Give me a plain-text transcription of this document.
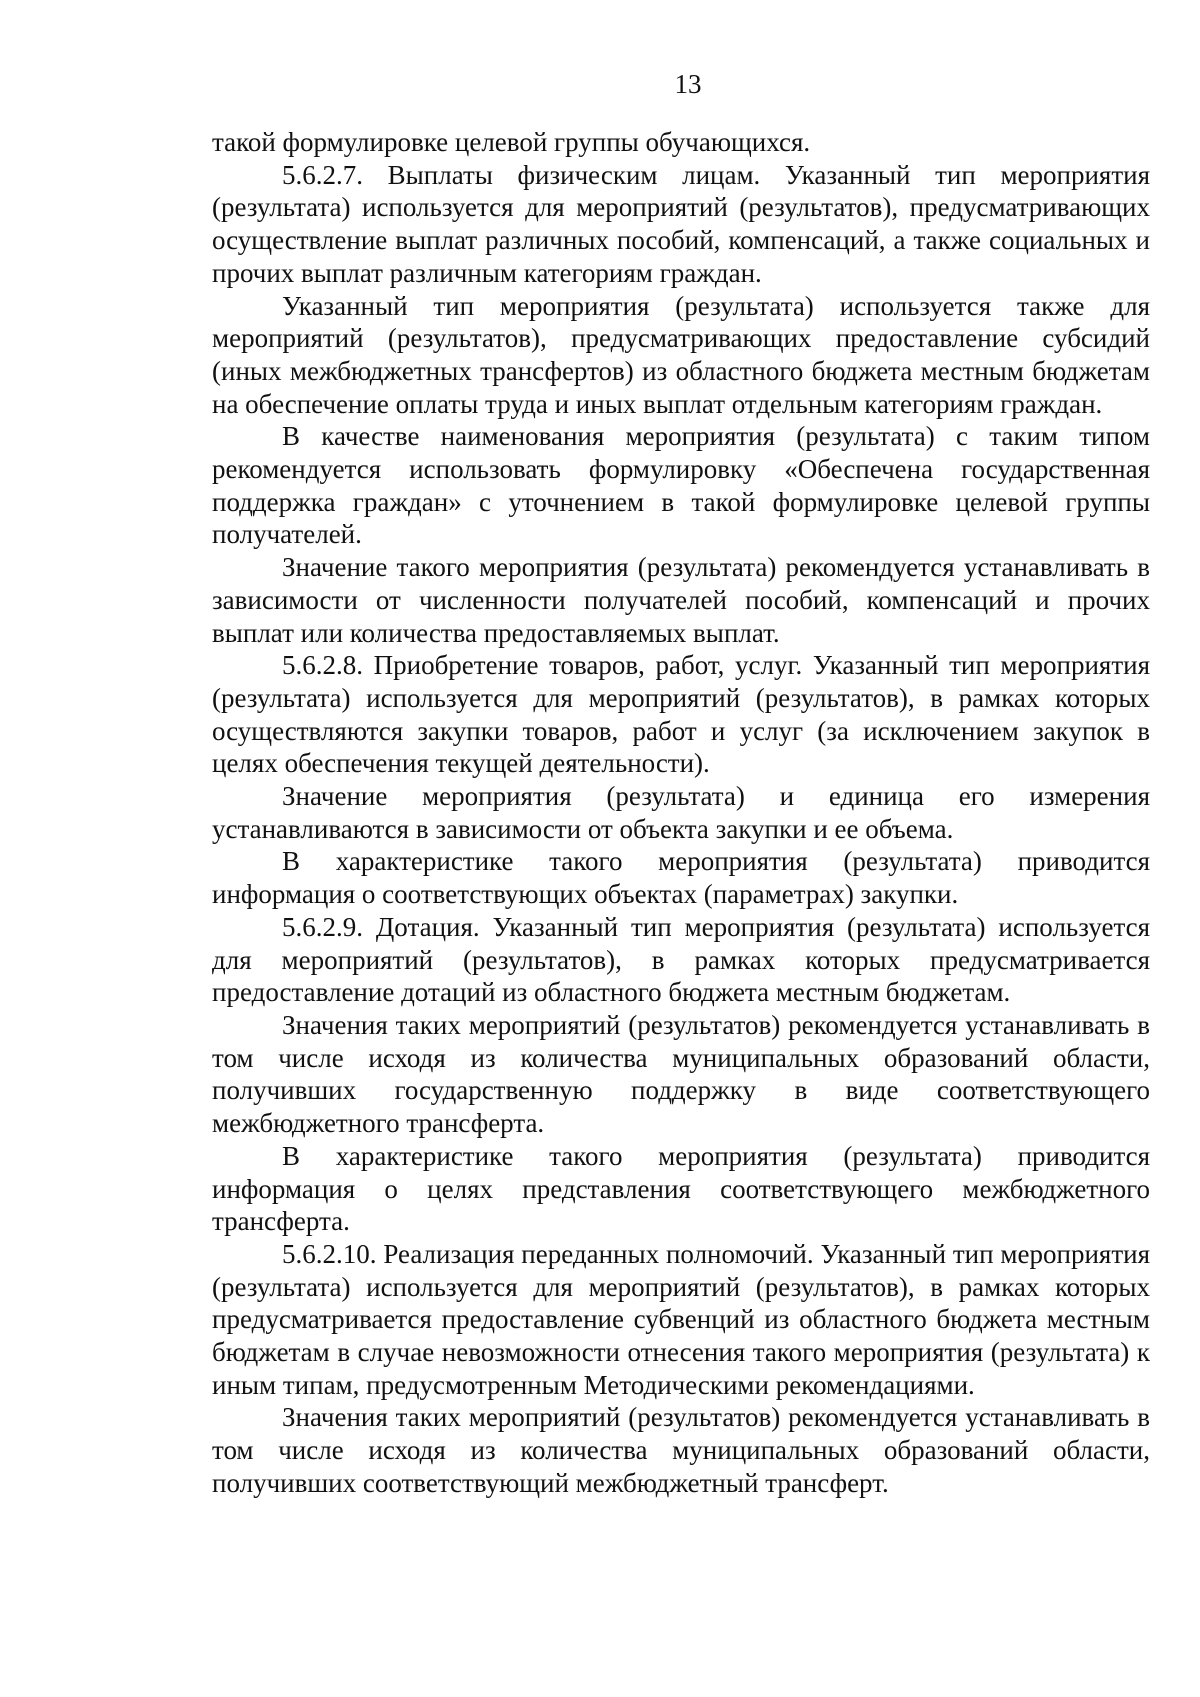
13

такой формулировке целевой группы обучающихся.

5.6.2.7. Выплаты физическим лицам. Указанный тип мероприятия (результата) используется для мероприятий (результатов), предусматривающих осуществление выплат различных пособий, компенсаций, а также социальных и прочих выплат различным категориям граждан.

Указанный тип мероприятия (результата) используется также для мероприятий (результатов), предусматривающих предоставление субсидий (иных межбюджетных трансфертов) из областного бюджета местным бюджетам на обеспечение оплаты труда и иных выплат отдельным категориям граждан.

В качестве наименования мероприятия (результата) с таким типом рекомендуется использовать формулировку «Обеспечена государственная поддержка граждан» с уточнением в такой формулировке целевой группы получателей.

Значение такого мероприятия (результата) рекомендуется устанавливать в зависимости от численности получателей пособий, компенсаций и прочих выплат или количества предоставляемых выплат.

5.6.2.8. Приобретение товаров, работ, услуг. Указанный тип мероприятия (результата) используется для мероприятий (результатов), в рамках которых осуществляются закупки товаров, работ и услуг (за исключением закупок в целях обеспечения текущей деятельности).

Значение мероприятия (результата) и единица его измерения устанавливаются в зависимости от объекта закупки и ее объема.

В характеристике такого мероприятия (результата) приводится информация о соответствующих объектах (параметрах) закупки.

5.6.2.9. Дотация. Указанный тип мероприятия (результата) используется для мероприятий (результатов), в рамках которых предусматривается предоставление дотаций из областного бюджета местным бюджетам.

Значения таких мероприятий (результатов) рекомендуется устанавливать в том числе исходя из количества муниципальных образований области, получивших государственную поддержку в виде соответствующего межбюджетного трансферта.

В характеристике такого мероприятия (результата) приводится информация о целях представления соответствующего межбюджетного трансферта.

5.6.2.10. Реализация переданных полномочий. Указанный тип мероприятия (результата) используется для мероприятий (результатов), в рамках которых предусматривается предоставление субвенций из областного бюджета местным бюджетам в случае невозможности отнесения такого мероприятия (результата) к иным типам, предусмотренным Методическими рекомендациями.

Значения таких мероприятий (результатов) рекомендуется устанавливать в том числе исходя из количества муниципальных образований области, получивших соответствующий межбюджетный трансферт.
